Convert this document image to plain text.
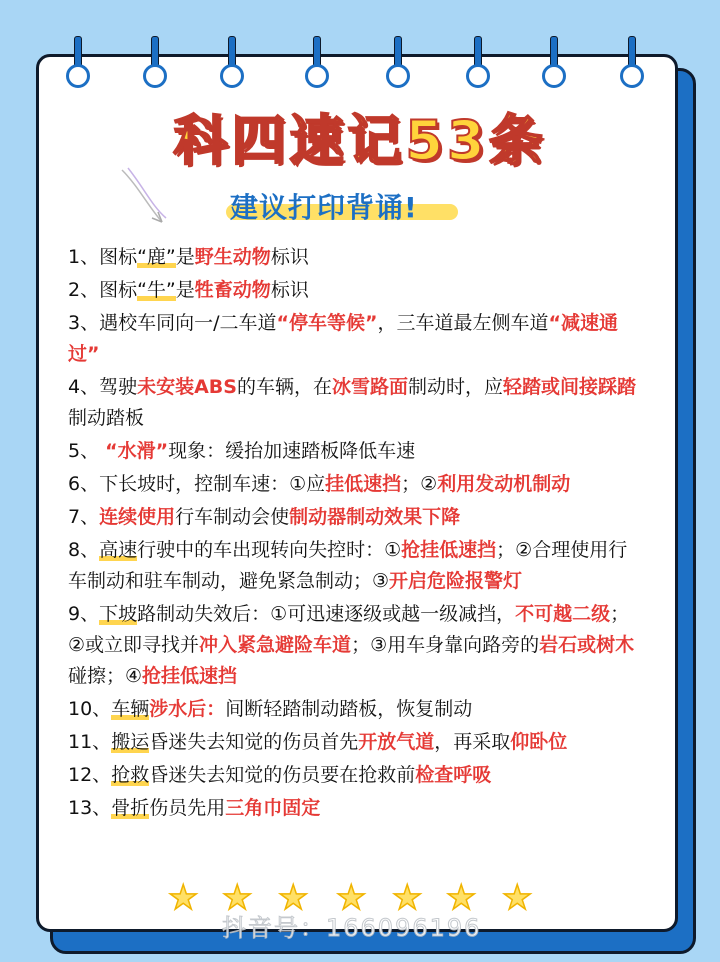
科四速记53条
建议打印背诵!

1、图标“鹿”是野生动物标识

2、图标“牛”是牲畜动物标识

3、遇校车同向一/二车道“停车等候”，三车道最左侧车道“减速通过”

4、驾驶未安装ABS的车辆，在冰雪路面制动时，应轻踏或间接踩踏制动踏板

5、 “水滑”现象：缓抬加速踏板降低车速

6、下长坡时，控制车速：①应挂低速挡；②利用发动机制动

7、连续使用行车制动会使制动器制动效果下降

8、高速行驶中的车出现转向失控时：①抢挂低速挡；②合理使用行车制动和驻车制动，避免紧急制动；③开启危险报警灯

9、下坡路制动失效后：①可迅速逐级或越一级减挡，不可越二级；②或立即寻找并冲入紧急避险车道；③用车身靠向路旁的岩石或树木碰擦；④抢挂低速挡

10、车辆涉水后：间断轻踏制动踏板，恢复制动

11、搬运昏迷失去知觉的伤员首先开放气道，再采取仰卧位

12、抢救昏迷失去知觉的伤员要在抢救前检查呼吸

13、骨折伤员先用三角巾固定

★ ★ ★ ★ ★ ★ ★
抖音号：166096196
